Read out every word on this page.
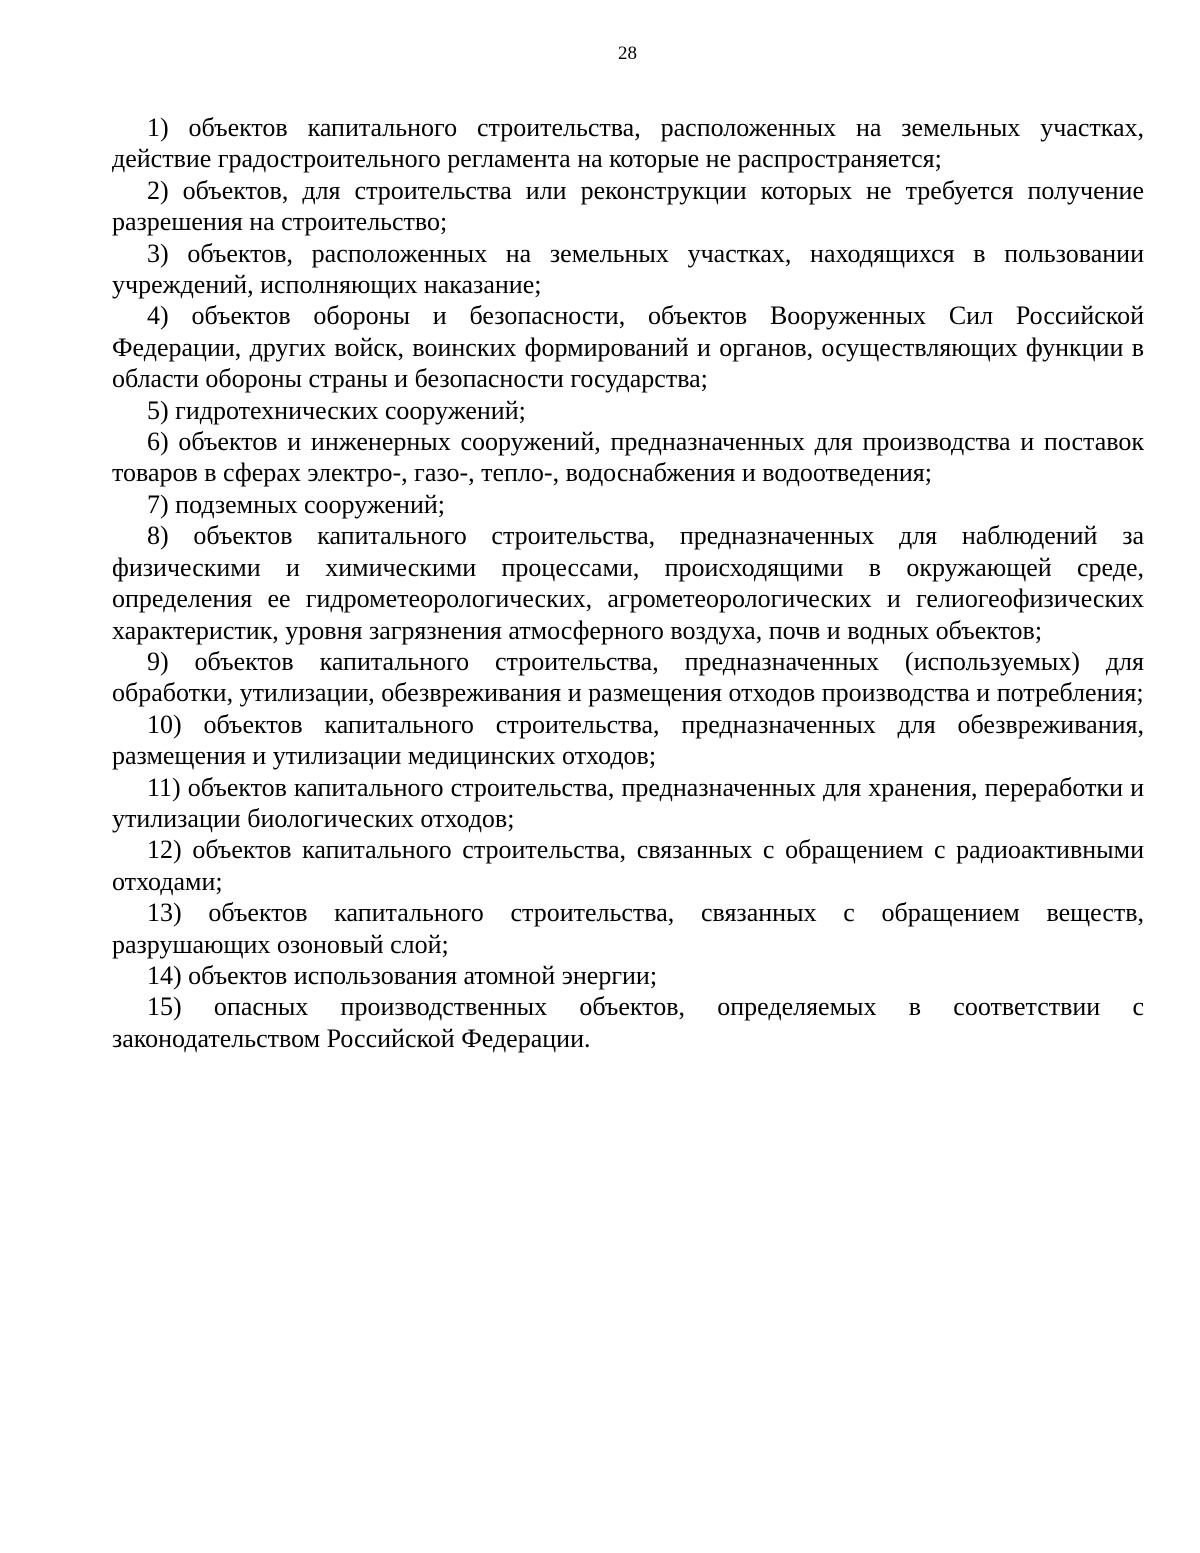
28

1) объектов капитального строительства, расположенных на земельных участках, действие градостроительного регламента на которые не распространяется;

2) объектов, для строительства или реконструкции которых не требуется получение разрешения на строительство;

3) объектов, расположенных на земельных участках, находящихся в пользовании учреждений, исполняющих наказание;

4) объектов обороны и безопасности, объектов Вооруженных Сил Российской Федерации, других войск, воинских формирований и органов, осуществляющих функции в области обороны страны и безопасности государства;

5) гидротехнических сооружений;

6) объектов и инженерных сооружений, предназначенных для производства и поставок товаров в сферах электро-, газо-, тепло-, водоснабжения и водоотведения;

7) подземных сооружений;

8) объектов капитального строительства, предназначенных для наблюдений за физическими и химическими процессами, происходящими в окружающей среде, определения ее гидрометеорологических, агрометеорологических и гелиогеофизических характеристик, уровня загрязнения атмосферного воздуха, почв и водных объектов;

9) объектов капитального строительства, предназначенных (используемых) для обработки, утилизации, обезвреживания и размещения отходов производства и потребления;

10) объектов капитального строительства, предназначенных для обезвреживания, размещения и утилизации медицинских отходов;

11) объектов капитального строительства, предназначенных для хранения, переработки и утилизации биологических отходов;

12) объектов капитального строительства, связанных с обращением с радиоактивными отходами;

13) объектов капитального строительства, связанных с обращением веществ, разрушающих озоновый слой;

14) объектов использования атомной энергии;

15) опасных производственных объектов, определяемых в соответствии с законодательством Российской Федерации.
